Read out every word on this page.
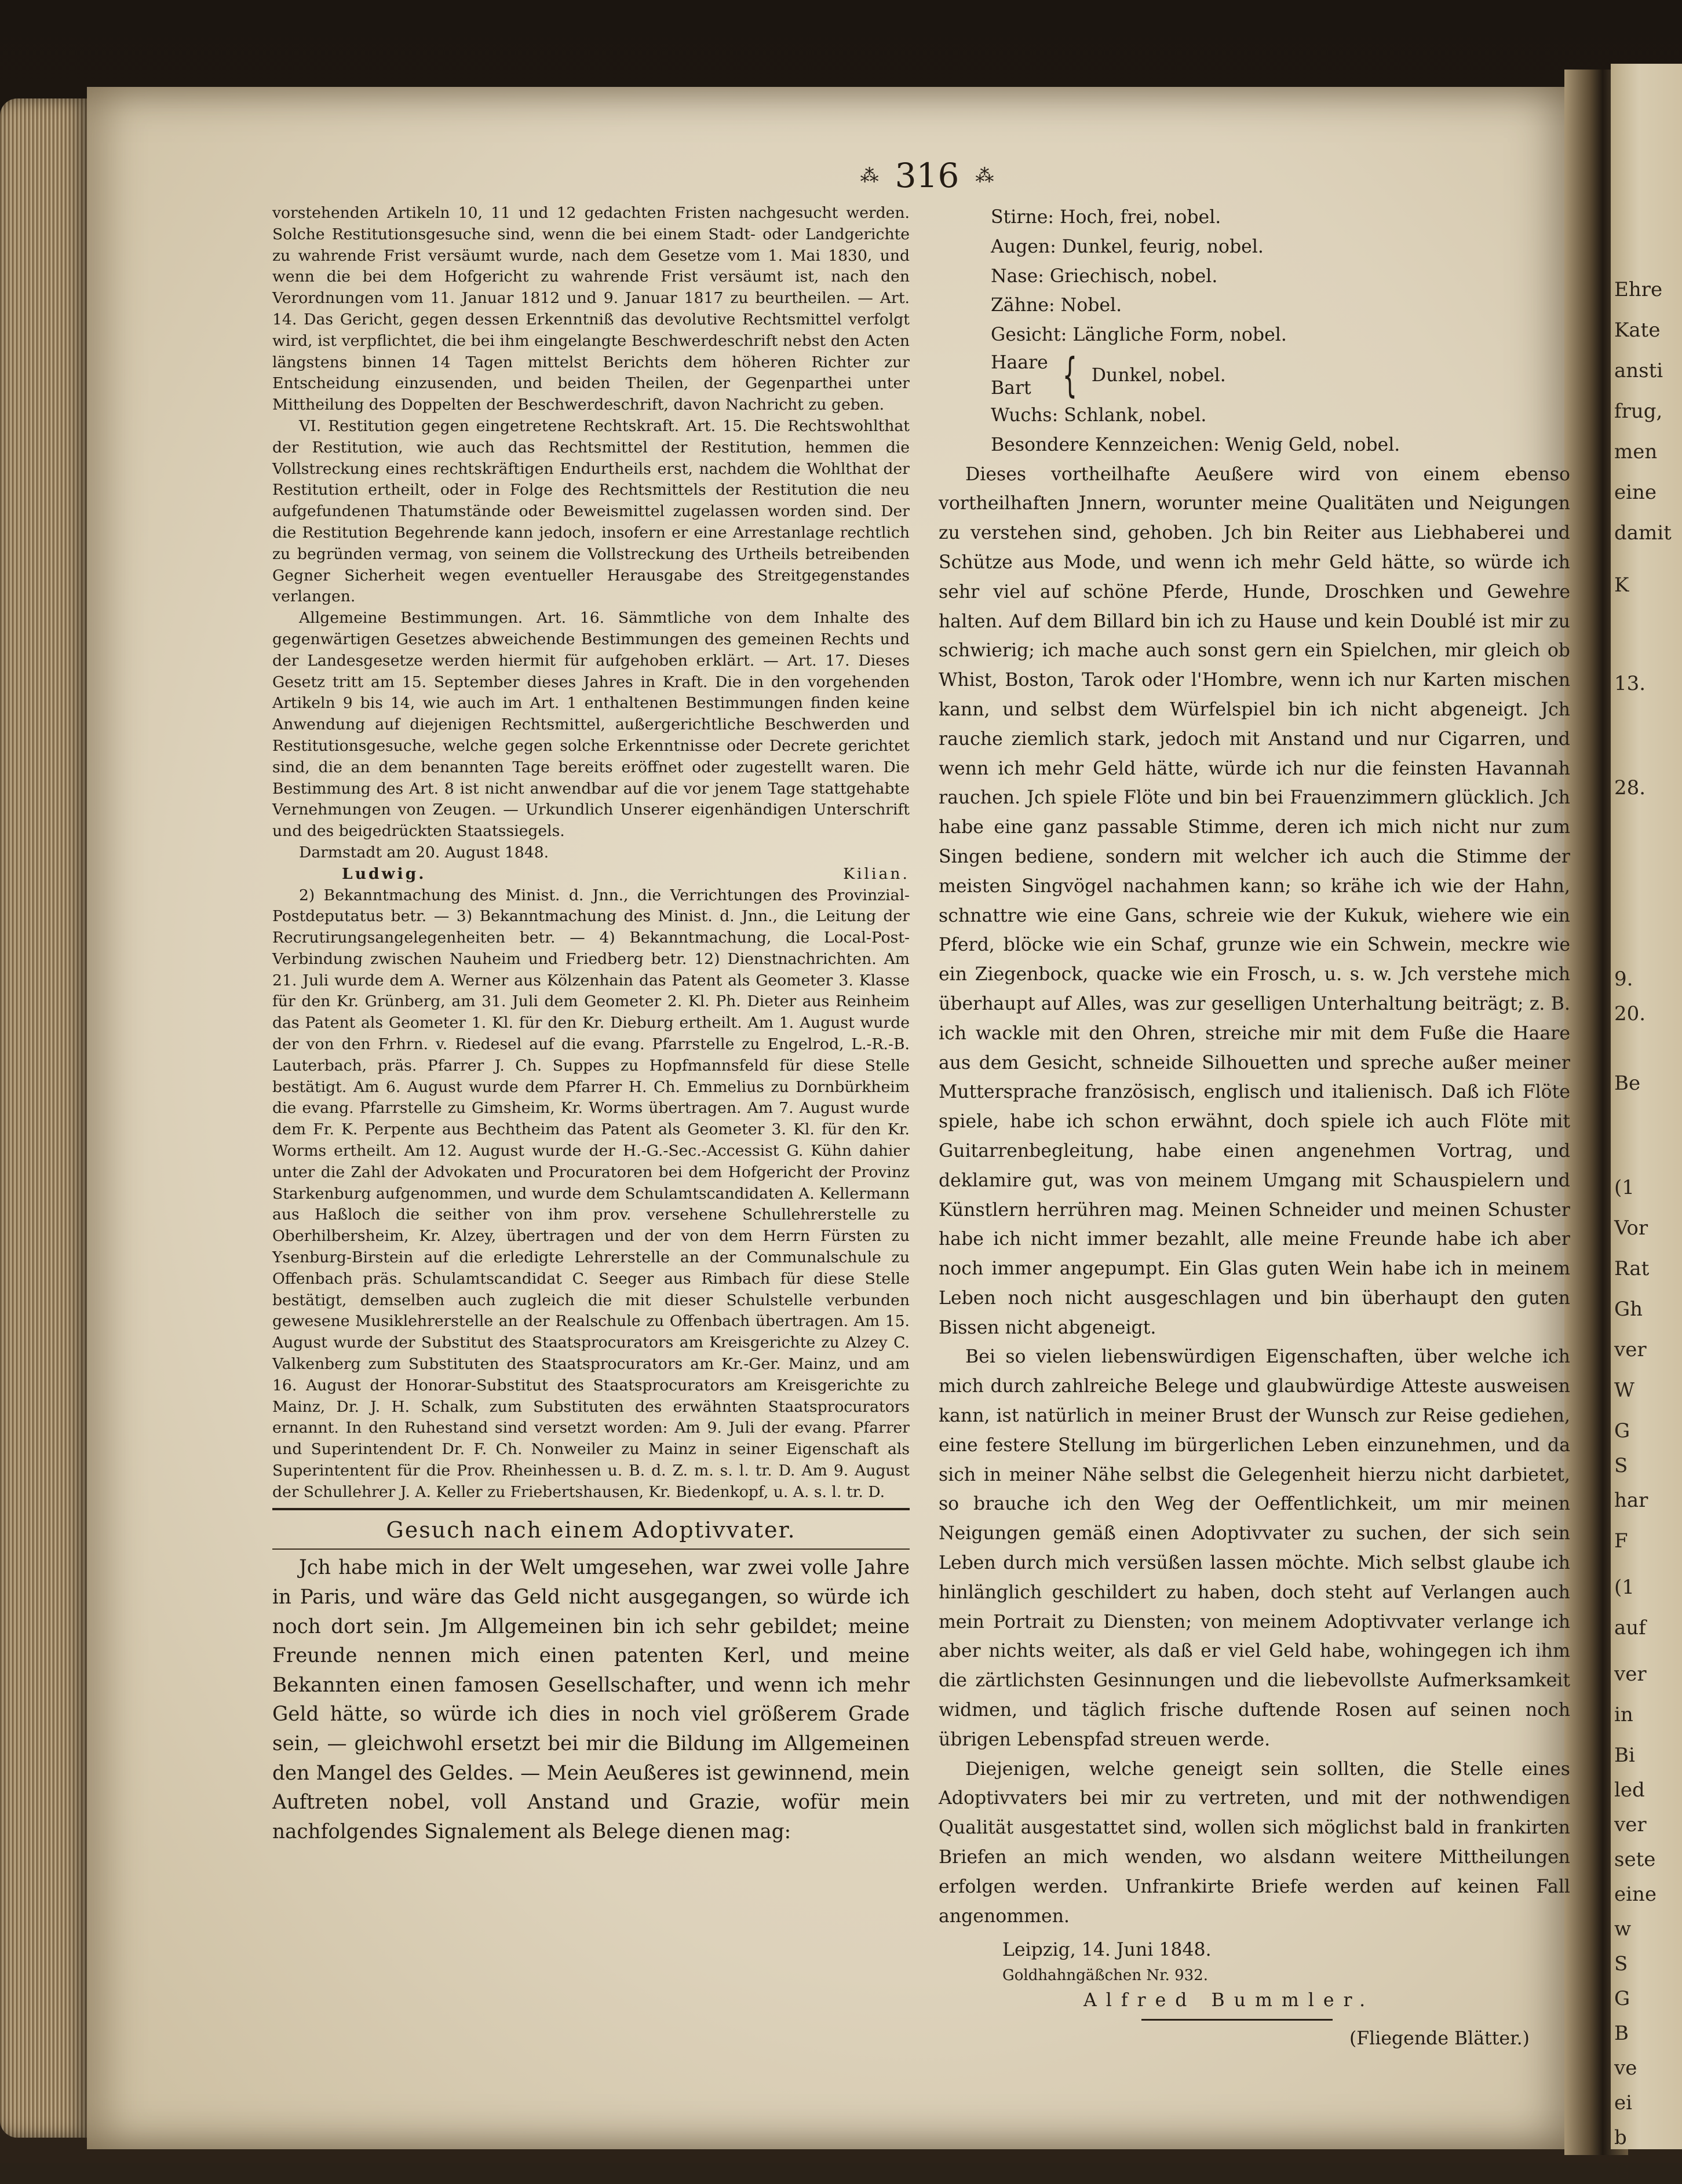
Ehre
Kate
ansti
frug,
men
eine
damit
K
13.
28.
9.
20.
Be
(1
Vor
Rat
Gh
ver
W
G
S
har
F
(1
auf
ver
in
Bi
led
ver
sete
eine
w
S
G
B
ve
ei
b
G
⁂ 316 ⁂

vorstehenden Artikeln 10, 11 und 12 gedachten Fristen nachgesucht werden. Solche Restitutionsgesuche sind, wenn die bei einem Stadt- oder Landgerichte zu wahrende Frist versäumt wurde, nach dem Gesetze vom 1. Mai 1830, und wenn die bei dem Hofgericht zu wahrende Frist versäumt ist, nach den Verordnungen vom 11. Januar 1812 und 9. Januar 1817 zu beurtheilen. — Art. 14. Das Gericht, gegen dessen Erkenntniß das devolutive Rechtsmittel verfolgt wird, ist verpflichtet, die bei ihm eingelangte Beschwerdeschrift nebst den Acten längstens binnen 14 Tagen mittelst Berichts dem höheren Richter zur Entscheidung einzusenden, und beiden Theilen, der Gegenparthei unter Mittheilung des Doppelten der Beschwerdeschrift, davon Nachricht zu geben.

VI. Restitution gegen eingetretene Rechtskraft. Art. 15. Die Rechtswohlthat der Restitution, wie auch das Rechtsmittel der Restitution, hemmen die Vollstreckung eines rechtskräftigen Endurtheils erst, nachdem die Wohlthat der Restitution ertheilt, oder in Folge des Rechtsmittels der Restitution die neu aufgefundenen Thatumstände oder Beweismittel zugelassen worden sind. Der die Restitution Begehrende kann jedoch, insofern er eine Arrestanlage rechtlich zu begründen vermag, von seinem die Vollstreckung des Urtheils betreibenden Gegner Sicherheit wegen eventueller Herausgabe des Streitgegenstandes verlangen.

Allgemeine Bestimmungen. Art. 16. Sämmtliche von dem Inhalte des gegenwärtigen Gesetzes abweichende Bestimmungen des gemeinen Rechts und der Landesgesetze werden hiermit für aufgehoben erklärt. — Art. 17. Dieses Gesetz tritt am 15. September dieses Jahres in Kraft. Die in den vorgehenden Artikeln 9 bis 14, wie auch im Art. 1 enthaltenen Bestimmungen finden keine Anwendung auf diejenigen Rechtsmittel, außergerichtliche Beschwerden und Restitutionsgesuche, welche gegen solche Erkenntnisse oder Decrete gerichtet sind, die an dem benannten Tage bereits eröffnet oder zugestellt waren. Die Bestimmung des Art. 8 ist nicht anwendbar auf die vor jenem Tage stattgehabte Vernehmungen von Zeugen. — Urkundlich Unserer eigenhändigen Unterschrift und des beigedrückten Staatssiegels.

Darmstadt am 20. August 1848.

Ludwig.	Kilian.

2) Bekanntmachung des Minist. d. Jnn., die Verrichtungen des Provinzial-Postdeputatus betr. — 3) Bekanntmachung des Minist. d. Jnn., die Leitung der Recrutirungsangelegenheiten betr. — 4) Bekanntmachung, die Local-Post-Verbindung zwischen Nauheim und Friedberg betr. 12) Dienstnachrichten. Am 21. Juli wurde dem A. Werner aus Kölzenhain das Patent als Geometer 3. Klasse für den Kr. Grünberg, am 31. Juli dem Geometer 2. Kl. Ph. Dieter aus Reinheim das Patent als Geometer 1. Kl. für den Kr. Dieburg ertheilt. Am 1. August wurde der von den Frhrn. v. Riedesel auf die evang. Pfarrstelle zu Engelrod, L.-R.-B. Lauterbach, präs. Pfarrer J. Ch. Suppes zu Hopfmannsfeld für diese Stelle bestätigt. Am 6. August wurde dem Pfarrer H. Ch. Emmelius zu Dornbürkheim die evang. Pfarrstelle zu Gimsheim, Kr. Worms übertragen. Am 7. August wurde dem Fr. K. Perpente aus Bechtheim das Patent als Geometer 3. Kl. für den Kr. Worms ertheilt. Am 12. August wurde der H.-G.-Sec.-Accessist G. Kühn dahier unter die Zahl der Advokaten und Procuratoren bei dem Hofgericht der Provinz Starkenburg aufgenommen, und wurde dem Schulamtscandidaten A. Kellermann aus Haßloch die seither von ihm prov. versehene Schullehrerstelle zu Oberhilbersheim, Kr. Alzey, übertragen und der von dem Herrn Fürsten zu Ysenburg-Birstein auf die erledigte Lehrerstelle an der Communalschule zu Offenbach präs. Schulamtscandidat C. Seeger aus Rimbach für diese Stelle bestätigt, demselben auch zugleich die mit dieser Schulstelle verbunden gewesene Musiklehrerstelle an der Realschule zu Offenbach übertragen. Am 15. August wurde der Substitut des Staatsprocurators am Kreisgerichte zu Alzey C. Valkenberg zum Substituten des Staatsprocurators am Kr.-Ger. Mainz, und am 16. August der Honorar-Substitut des Staatsprocurators am Kreisgerichte zu Mainz, Dr. J. H. Schalk, zum Substituten des erwähnten Staatsprocurators ernannt. In den Ruhestand sind versetzt worden: Am 9. Juli der evang. Pfarrer und Superintendent Dr. F. Ch. Nonweiler zu Mainz in seiner Eigenschaft als Superintentent für die Prov. Rheinhessen u. B. d. Z. m. s. l. tr. D. Am 9. August der Schullehrer J. A. Keller zu Friebertshausen, Kr. Biedenkopf, u. A. s. l. tr. D.

Gesuch nach einem Adoptivvater.

Jch habe mich in der Welt umgesehen, war zwei volle Jahre in Paris, und wäre das Geld nicht ausgegangen, so würde ich noch dort sein. Jm Allgemeinen bin ich sehr gebildet; meine Freunde nennen mich einen patenten Kerl, und meine Bekannten einen famosen Gesellschafter, und wenn ich mehr Geld hätte, so würde ich dies in noch viel größerem Grade sein, — gleichwohl ersetzt bei mir die Bildung im Allgemeinen den Mangel des Geldes. — Mein Aeußeres ist gewinnend, mein Auftreten nobel, voll Anstand und Grazie, wofür mein nachfolgendes Signalement als Belege dienen mag:

Stirne: Hoch, frei, nobel.
Augen: Dunkel, feurig, nobel.
Nase: Griechisch, nobel.
Zähne: Nobel.
Gesicht: Längliche Form, nobel.
Haare
Bart { Dunkel, nobel.
Wuchs: Schlank, nobel.
Besondere Kennzeichen: Wenig Geld, nobel.

Dieses vortheilhafte Aeußere wird von einem ebenso vortheilhaften Jnnern, worunter meine Qualitäten und Neigungen zu verstehen sind, gehoben. Jch bin Reiter aus Liebhaberei und Schütze aus Mode, und wenn ich mehr Geld hätte, so würde ich sehr viel auf schöne Pferde, Hunde, Droschken und Gewehre halten. Auf dem Billard bin ich zu Hause und kein Doublé ist mir zu schwierig; ich mache auch sonst gern ein Spielchen, mir gleich ob Whist, Boston, Tarok oder l'Hombre, wenn ich nur Karten mischen kann, und selbst dem Würfelspiel bin ich nicht abgeneigt. Jch rauche ziemlich stark, jedoch mit Anstand und nur Cigarren, und wenn ich mehr Geld hätte, würde ich nur die feinsten Havannah rauchen. Jch spiele Flöte und bin bei Frauenzimmern glücklich. Jch habe eine ganz passable Stimme, deren ich mich nicht nur zum Singen bediene, sondern mit welcher ich auch die Stimme der meisten Singvögel nachahmen kann; so krähe ich wie der Hahn, schnattre wie eine Gans, schreie wie der Kukuk, wiehere wie ein Pferd, blöcke wie ein Schaf, grunze wie ein Schwein, meckre wie ein Ziegenbock, quacke wie ein Frosch, u. s. w. Jch verstehe mich überhaupt auf Alles, was zur geselligen Unterhaltung beiträgt; z. B. ich wackle mit den Ohren, streiche mir mit dem Fuße die Haare aus dem Gesicht, schneide Silhouetten und spreche außer meiner Muttersprache französisch, englisch und italienisch. Daß ich Flöte spiele, habe ich schon erwähnt, doch spiele ich auch Flöte mit Guitarrenbegleitung, habe einen angenehmen Vortrag, und deklamire gut, was von meinem Umgang mit Schauspielern und Künstlern herrühren mag. Meinen Schneider und meinen Schuster habe ich nicht immer bezahlt, alle meine Freunde habe ich aber noch immer angepumpt. Ein Glas guten Wein habe ich in meinem Leben noch nicht ausgeschlagen und bin überhaupt den guten Bissen nicht abgeneigt.

Bei so vielen liebenswürdigen Eigenschaften, über welche ich mich durch zahlreiche Belege und glaubwürdige Atteste ausweisen kann, ist natürlich in meiner Brust der Wunsch zur Reise gediehen, eine festere Stellung im bürgerlichen Leben einzunehmen, und da sich in meiner Nähe selbst die Gelegenheit hierzu nicht darbietet, so brauche ich den Weg der Oeffentlichkeit, um mir meinen Neigungen gemäß einen Adoptivvater zu suchen, der sich sein Leben durch mich versüßen lassen möchte. Mich selbst glaube ich hinlänglich geschildert zu haben, doch steht auf Verlangen auch mein Portrait zu Diensten; von meinem Adoptivvater verlange ich aber nichts weiter, als daß er viel Geld habe, wohingegen ich ihm die zärtlichsten Gesinnungen und die liebevollste Aufmerksamkeit widmen, und täglich frische duftende Rosen auf seinen noch übrigen Lebenspfad streuen werde.

Diejenigen, welche geneigt sein sollten, die Stelle eines Adoptivvaters bei mir zu vertreten, und mit der nothwendigen Qualität ausgestattet sind, wollen sich möglichst bald in frankirten Briefen an mich wenden, wo alsdann weitere Mittheilungen erfolgen werden. Unfrankirte Briefe werden auf keinen Fall angenommen.

Leipzig, 14. Juni 1848.
Goldhahngäßchen Nr. 932.
Alfred Bummler.
(Fliegende Blätter.)
